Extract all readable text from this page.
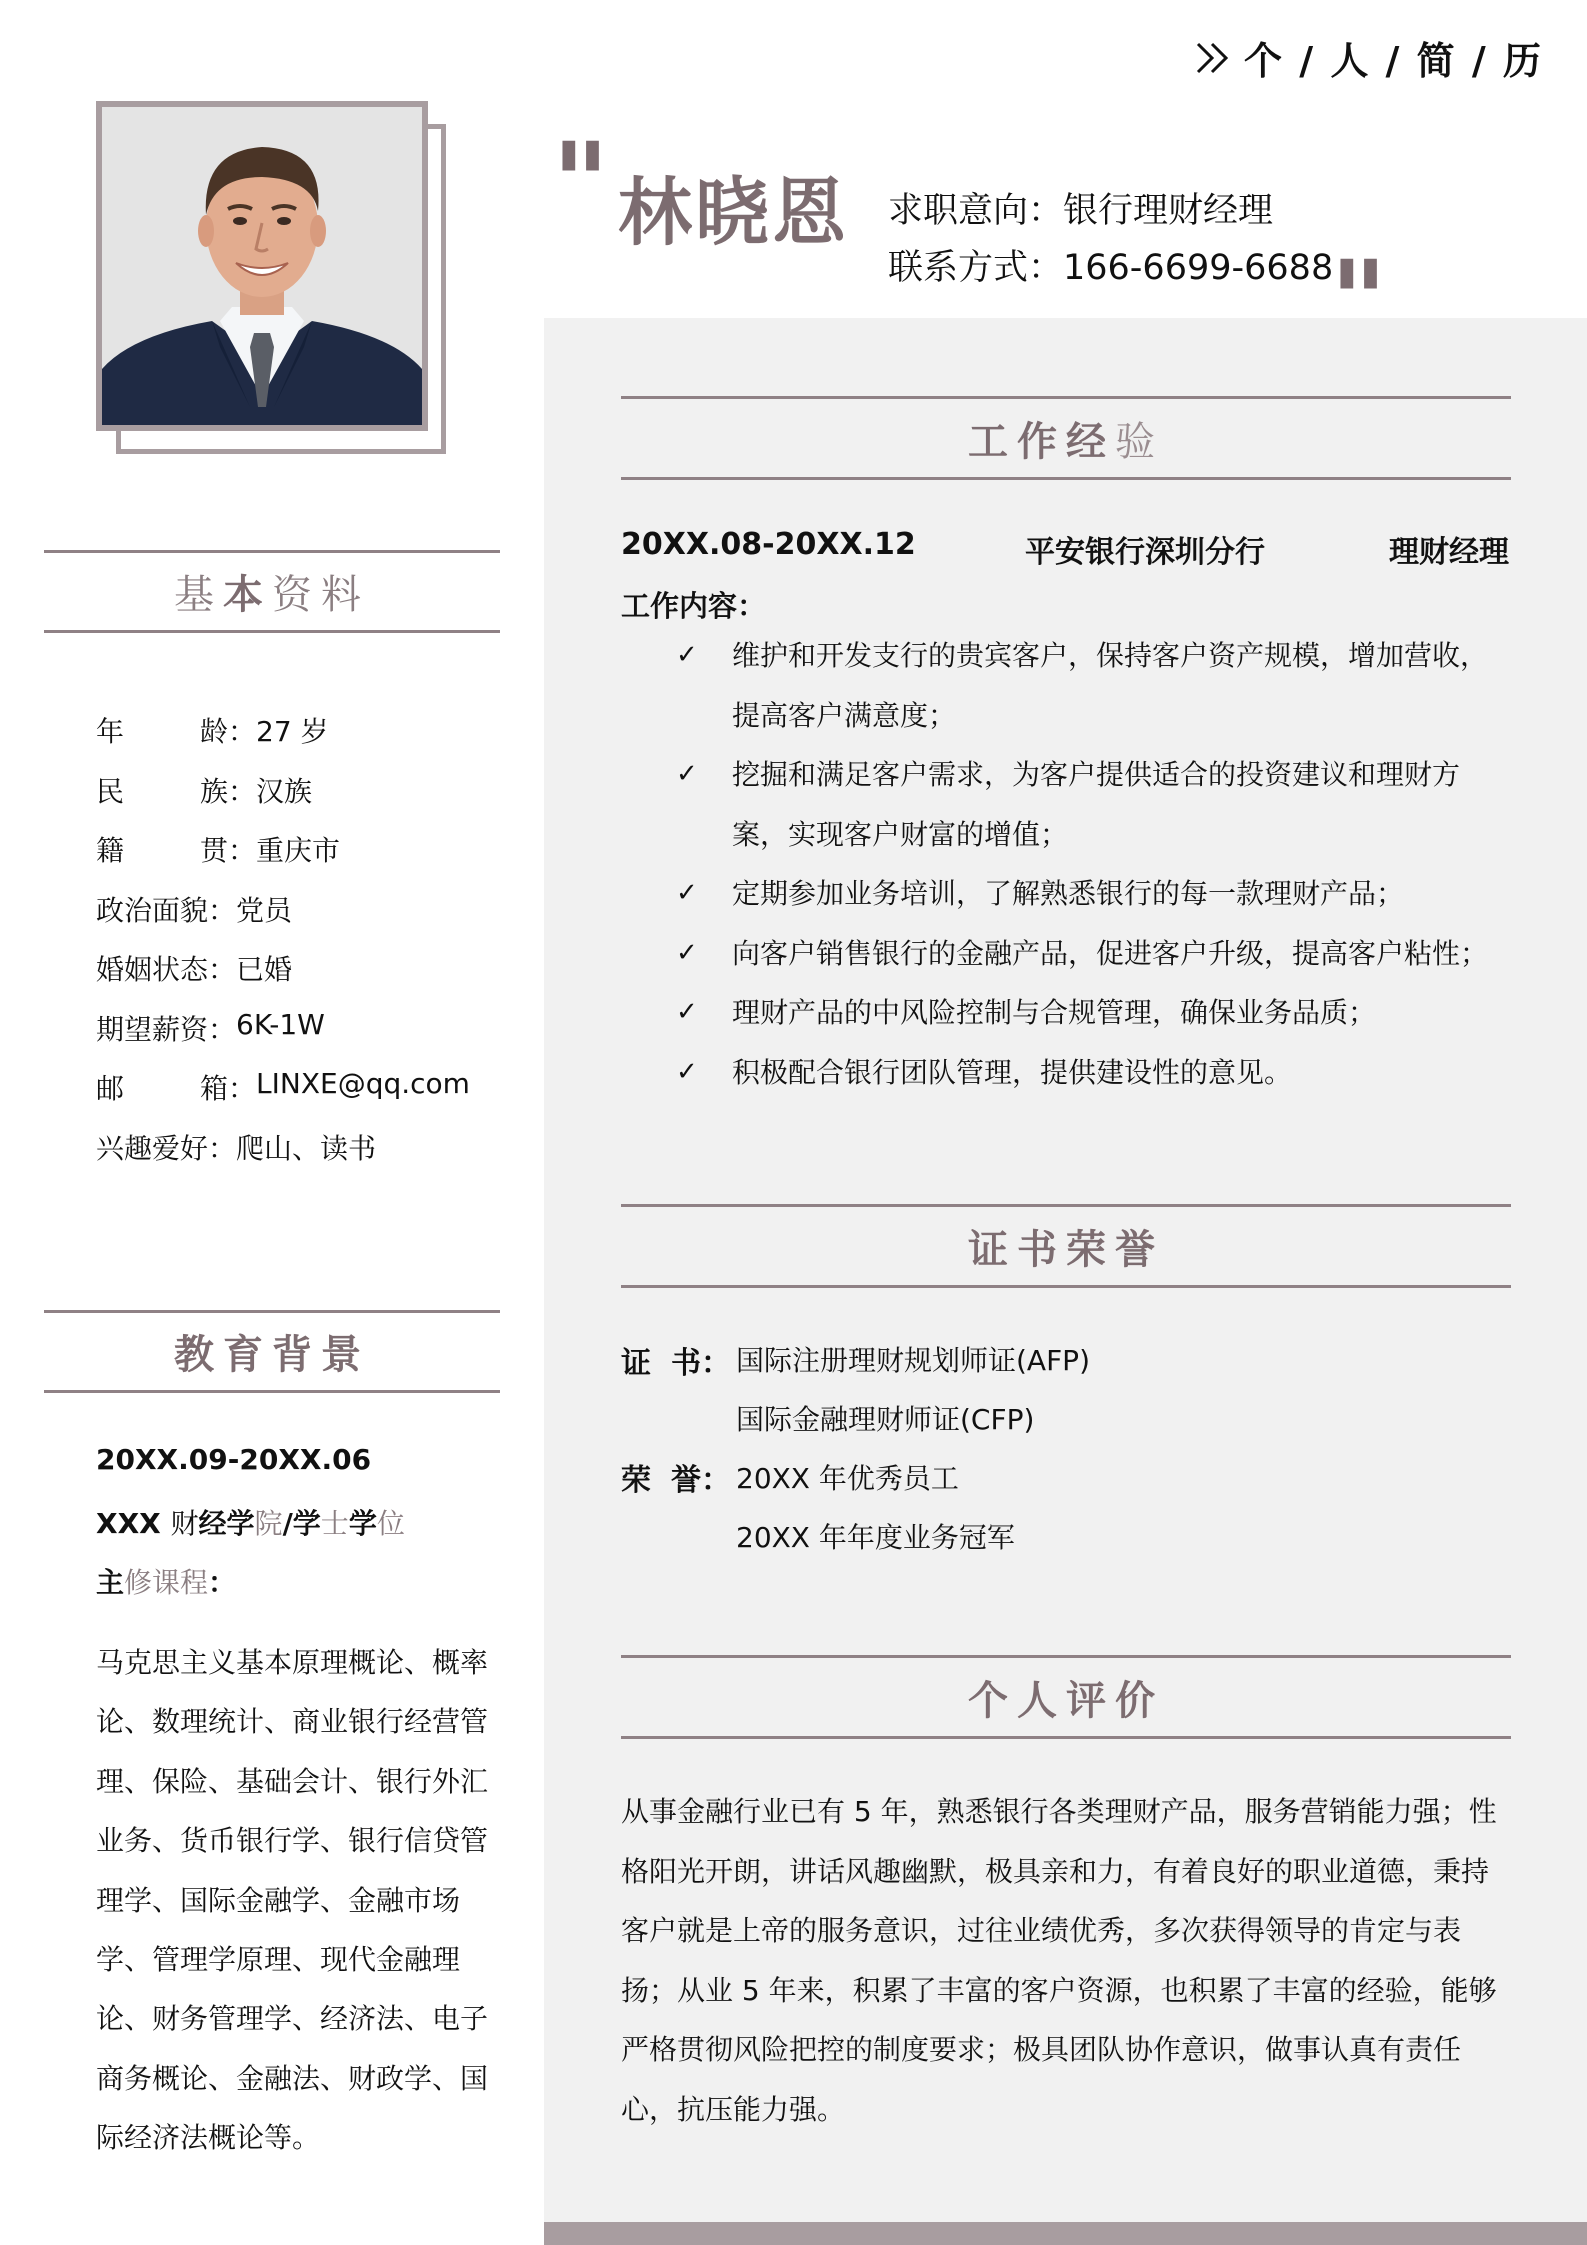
个 / 人 / 简 / 历
" 林晓恩 求职意向：银行理财经理
联系方式：166-6699-6688
"
基 本 资料
年	龄 ： 27 岁
民	族 ： 汉族
籍	贯 ： 重庆市
政治面貌 ： 党员
婚姻状态 ： 已婚
期望薪资 ： 6K-1W
邮	箱 ： LINXE@qq.com
兴趣爱好 ： 爬山、读书
教育背景
20XX.09-20XX.06
XXX 财经学院/学士学位
主修课程：
马克思主义基本原理概论、概率论、数理统计、商业银行经营管理、保险、基础会计、银行外汇业务、货币银行学、银行信贷管理学、国际金融学、金融市场学、管理学原理、现代金融理论、财务管理学、经济法、电子商务概论、金融法、财政学、国际经济法概论等。
工作经 验
20XX.08-20XX.12	平安银行深圳分行	理财经理
工作内容：
✓ 维护和开发支行的贵宾客户，保持客户资产规模，增加营收，提高客户满意度；
✓ 挖掘和满足客户需求，为客户提供适合的投资建议和理财方案，实现客户财富的增值；
✓ 定期参加业务培训，了解熟悉银行的每一款理财产品；
✓ 向客户销售银行的金融产品，促进客户升级，提高客户粘性；
✓ 理财产品的中风险控制与合规管理，确保业务品质；
✓ 积极配合银行团队管理，提供建设性的意见。
证书荣誉
证 书： 国际注册理财规划师证(AFP)
国际金融理财师证(CFP)
荣 誉： 20XX 年优秀员工
20XX 年年度业务冠军
个人评价

从事金融行业已有 5 年，熟悉银行各类理财产品，服务营销能力强；性格阳光开朗，讲话风趣幽默，极具亲和力，有着良好的职业道德，秉持客户就是上帝的服务意识，过往业绩优秀，多次获得领导的肯定与表扬；从业 5 年来，积累了丰富的客户资源，也积累了丰富的经验，能够严格贯彻风险把控的制度要求；极具团队协作意识，做事认真有责任心，抗压能力强。
